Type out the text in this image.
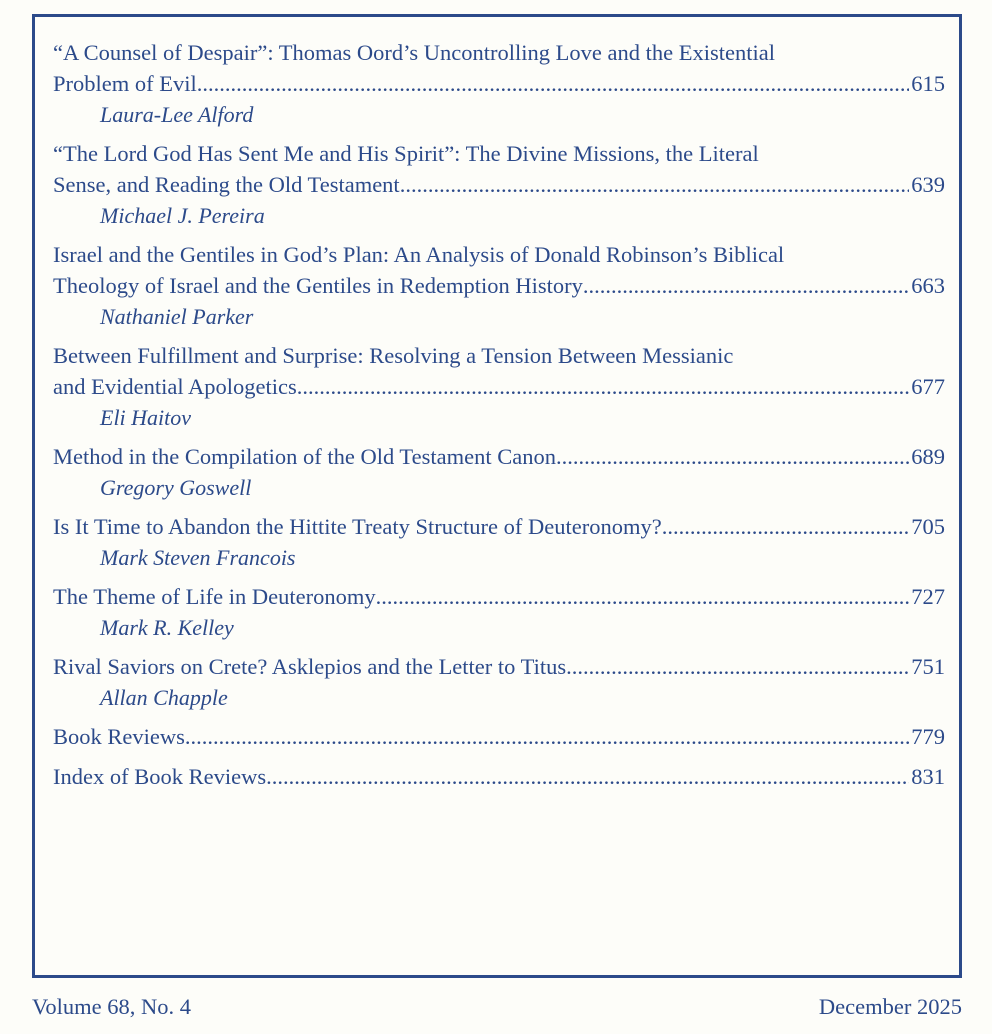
“A Counsel of Despair”: Thomas Oord’s Uncontrolling Love and the Existential
Problem of Evil .....	615
Laura-Lee Alford
“The Lord God Has Sent Me and His Spirit”: The Divine Missions, the Literal
Sense, and Reading the Old Testament .....	639
Michael J. Pereira
Israel and the Gentiles in God’s Plan: An Analysis of Donald Robinson’s Biblical
Theology of Israel and the Gentiles in Redemption History .....	663
Nathaniel Parker
Between Fulfillment and Surprise: Resolving a Tension Between Messianic
and Evidential Apologetics .....	677
Eli Haitov
Method in the Compilation of the Old Testament Canon .....	689
Gregory Goswell
Is It Time to Abandon the Hittite Treaty Structure of Deuteronomy? .....	705
Mark Steven Francois
The Theme of Life in Deuteronomy .....	727
Mark R. Kelley
Rival Saviors on Crete? Asklepios and the Letter to Titus .....	751
Allan Chapple
Book Reviews .....	779
Index of Book Reviews .....	831
Volume 68, No. 4	December 2025
